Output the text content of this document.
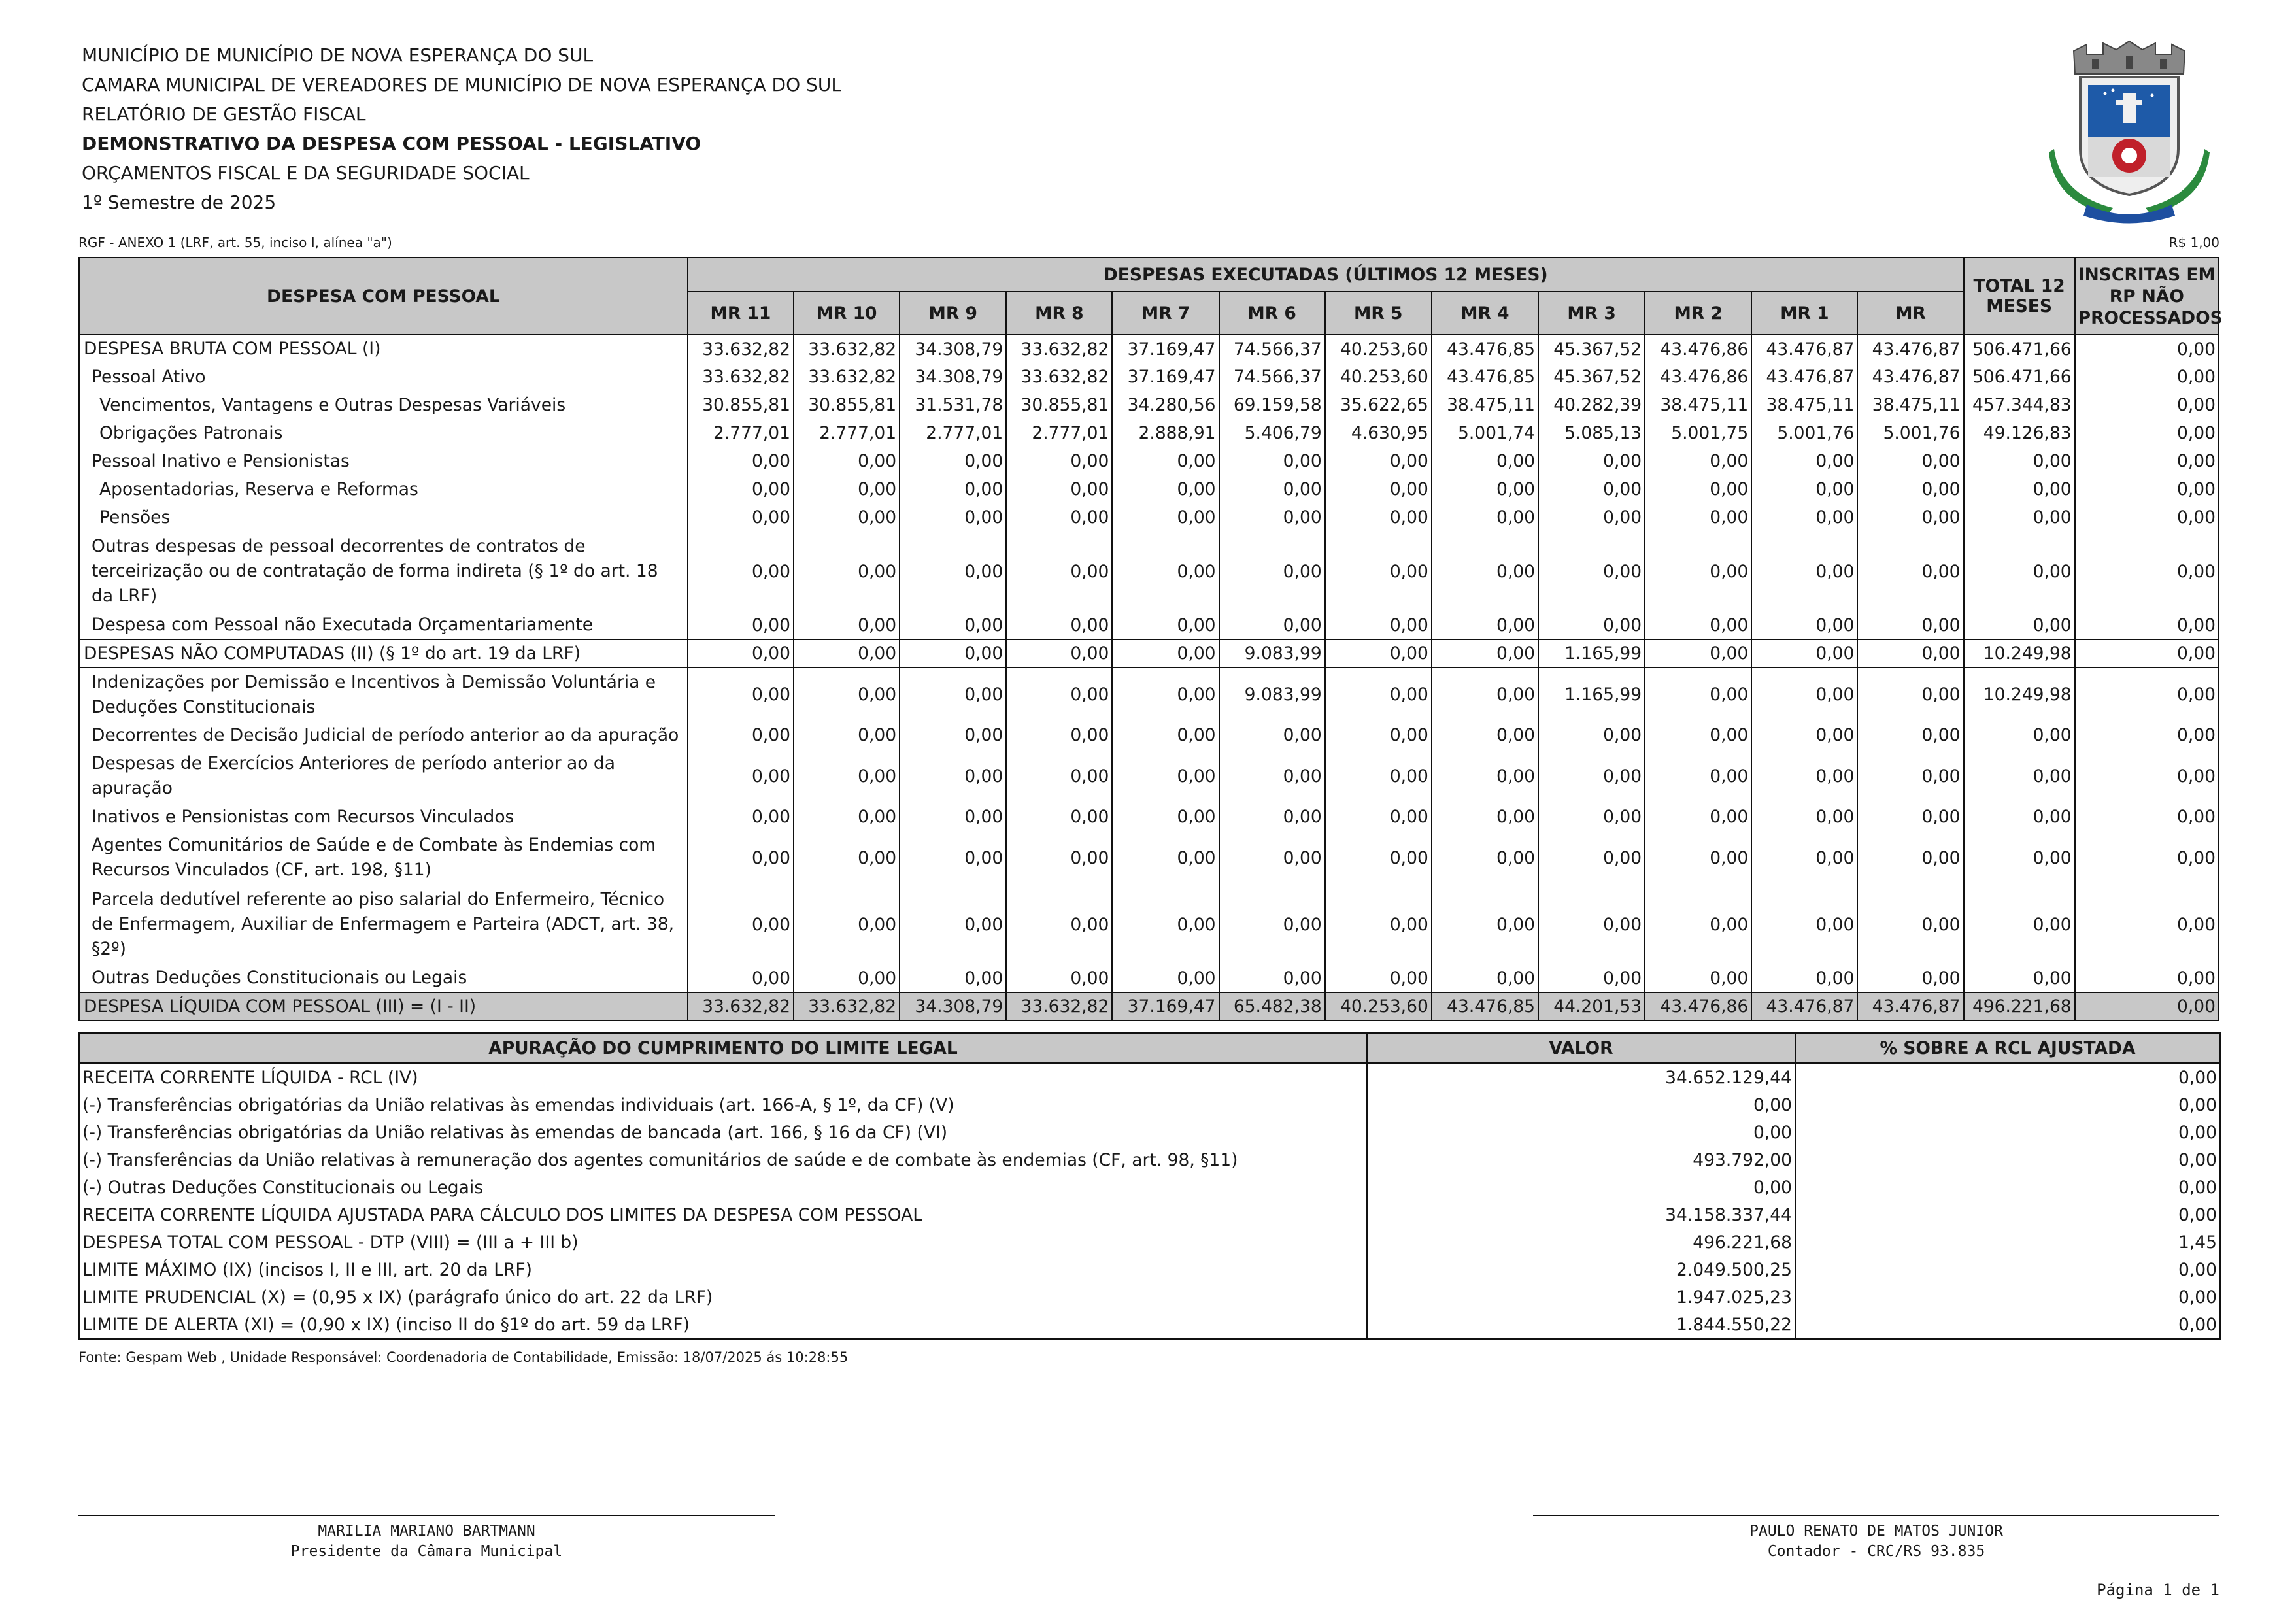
MUNICÍPIO DE MUNICÍPIO DE NOVA ESPERANÇA DO SUL
CAMARA MUNICIPAL DE VEREADORES DE MUNICÍPIO DE NOVA ESPERANÇA DO SUL
RELATÓRIO DE GESTÃO FISCAL
DEMONSTRATIVO DA DESPESA COM PESSOAL - LEGISLATIVO
ORÇAMENTOS FISCAL E DA SEGURIDADE SOCIAL
1º Semestre de 2025
RGF - ANEXO 1 (LRF, art. 55, inciso I, alínea "a")	R$ 1,00
DESPESA COM PESSOAL	DESPESAS EXECUTADAS (ÚLTIMOS 12 MESES)												TOTAL 12 MESES	INSCRITAS EM RP NÃO PROCESSADOS
	MR 11	MR 10	MR 9	MR 8	MR 7	MR 6	MR 5	MR 4	MR 3	MR 2	MR 1	MR		
DESPESA BRUTA COM PESSOAL (I)	33.632,82	33.632,82	34.308,79	33.632,82	37.169,47	74.566,37	40.253,60	43.476,85	45.367,52	43.476,86	43.476,87	43.476,87	506.471,66	0,00
Pessoal Ativo	33.632,82	33.632,82	34.308,79	33.632,82	37.169,47	74.566,37	40.253,60	43.476,85	45.367,52	43.476,86	43.476,87	43.476,87	506.471,66	0,00
Vencimentos, Vantagens e Outras Despesas Variáveis	30.855,81	30.855,81	31.531,78	30.855,81	34.280,56	69.159,58	35.622,65	38.475,11	40.282,39	38.475,11	38.475,11	38.475,11	457.344,83	0,00
Obrigações Patronais	2.777,01	2.777,01	2.777,01	2.777,01	2.888,91	5.406,79	4.630,95	5.001,74	5.085,13	5.001,75	5.001,76	5.001,76	49.126,83	0,00
Pessoal Inativo e Pensionistas	0,00	0,00	0,00	0,00	0,00	0,00	0,00	0,00	0,00	0,00	0,00	0,00	0,00	0,00
Aposentadorias, Reserva e Reformas	0,00	0,00	0,00	0,00	0,00	0,00	0,00	0,00	0,00	0,00	0,00	0,00	0,00	0,00
Pensões	0,00	0,00	0,00	0,00	0,00	0,00	0,00	0,00	0,00	0,00	0,00	0,00	0,00	0,00
Outras despesas de pessoal decorrentes de contratos de terceirização ou de contratação de forma indireta (§ 1º do art. 18 da LRF)	0,00	0,00	0,00	0,00	0,00	0,00	0,00	0,00	0,00	0,00	0,00	0,00	0,00	0,00
Despesa com Pessoal não Executada Orçamentariamente	0,00	0,00	0,00	0,00	0,00	0,00	0,00	0,00	0,00	0,00	0,00	0,00	0,00	0,00
DESPESAS NÃO COMPUTADAS (II) (§ 1º do art. 19 da LRF)	0,00	0,00	0,00	0,00	0,00	9.083,99	0,00	0,00	1.165,99	0,00	0,00	0,00	10.249,98	0,00
Indenizações por Demissão e Incentivos à Demissão Voluntária e Deduções Constitucionais	0,00	0,00	0,00	0,00	0,00	9.083,99	0,00	0,00	1.165,99	0,00	0,00	0,00	10.249,98	0,00
Decorrentes de Decisão Judicial de período anterior ao da apuração	0,00	0,00	0,00	0,00	0,00	0,00	0,00	0,00	0,00	0,00	0,00	0,00	0,00	0,00
Despesas de Exercícios Anteriores de período anterior ao da apuração	0,00	0,00	0,00	0,00	0,00	0,00	0,00	0,00	0,00	0,00	0,00	0,00	0,00	0,00
Inativos e Pensionistas com Recursos Vinculados	0,00	0,00	0,00	0,00	0,00	0,00	0,00	0,00	0,00	0,00	0,00	0,00	0,00	0,00
Agentes Comunitários de Saúde e de Combate às Endemias com Recursos Vinculados (CF, art. 198, §11)	0,00	0,00	0,00	0,00	0,00	0,00	0,00	0,00	0,00	0,00	0,00	0,00	0,00	0,00
Parcela dedutível referente ao piso salarial do Enfermeiro, Técnico de Enfermagem, Auxiliar de Enfermagem e Parteira (ADCT, art. 38, §2º)	0,00	0,00	0,00	0,00	0,00	0,00	0,00	0,00	0,00	0,00	0,00	0,00	0,00	0,00
Outras Deduções Constitucionais ou Legais	0,00	0,00	0,00	0,00	0,00	0,00	0,00	0,00	0,00	0,00	0,00	0,00	0,00	0,00
DESPESA LÍQUIDA COM PESSOAL (III) = (I - II)	33.632,82	33.632,82	34.308,79	33.632,82	37.169,47	65.482,38	40.253,60	43.476,85	44.201,53	43.476,86	43.476,87	43.476,87	496.221,68	0,00
APURAÇÃO DO CUMPRIMENTO DO LIMITE LEGAL	VALOR	% SOBRE A RCL AJUSTADA
RECEITA CORRENTE LÍQUIDA - RCL (IV)	34.652.129,44	0,00
(-) Transferências obrigatórias da União relativas às emendas individuais (art. 166-A, § 1º, da CF) (V)	0,00	0,00
(-) Transferências obrigatórias da União relativas às emendas de bancada (art. 166, § 16 da CF) (VI)	0,00	0,00
(-) Transferências da União relativas à remuneração dos agentes comunitários de saúde e de combate às endemias (CF, art. 98, §11)	493.792,00	0,00
(-) Outras Deduções Constitucionais ou Legais	0,00	0,00
RECEITA CORRENTE LÍQUIDA AJUSTADA PARA CÁLCULO DOS LIMITES DA DESPESA COM PESSOAL	34.158.337,44	0,00
DESPESA TOTAL COM PESSOAL - DTP (VIII) = (III a + III b)	496.221,68	1,45
LIMITE MÁXIMO (IX) (incisos I, II e III, art. 20 da LRF)	2.049.500,25	0,00
LIMITE PRUDENCIAL (X) = (0,95 x IX) (parágrafo único do art. 22 da LRF)	1.947.025,23	0,00
LIMITE DE ALERTA (XI) = (0,90 x IX) (inciso II do §1º do art. 59 da LRF)	1.844.550,22	0,00
Fonte: Gespam Web , Unidade Responsável: Coordenadoria de Contabilidade, Emissão: 18/07/2025 ás 10:28:55
MARILIA MARIANO BARTMANN
Presidente da Câmara Municipal
PAULO RENATO DE MATOS JUNIOR
Contador - CRC/RS 93.835
Página 1 de 1
